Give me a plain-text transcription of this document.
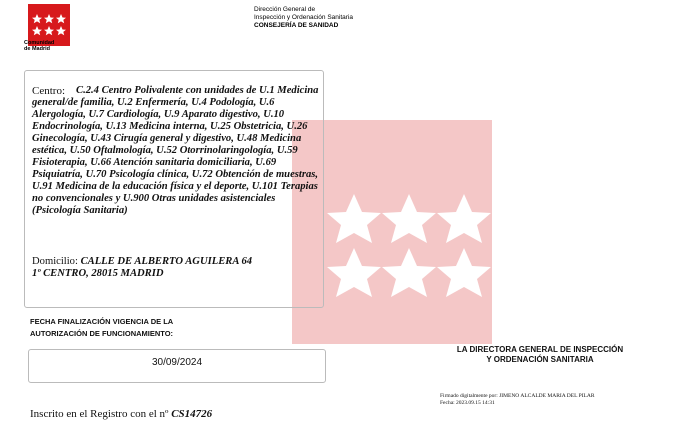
Comunidad
de Madrid
Dirección General de
Inspección y Ordenación Sanitaria
CONSEJERÍA DE SANIDAD
Centro:	C.2.4 Centro Polivalente con unidades de U.1 Medicina general/de familia, U.2 Enfermería, U.4 Podología, U.6 Alergología, U.7 Cardiología, U.9 Aparato digestivo, U.10 Endocrinología, U.13 Medicina interna, U.25 Obstetricia, U.26 Ginecología, U.43 Cirugía general y digestivo, U.48 Medicina estética, U.50 Oftalmología, U.52 Otorrinolaringología, U.59 Fisioterapia, U.66 Atención sanitaria domiciliaria, U.69 Psiquiatría, U.70 Psicología clínica, U.72 Obtención de muestras, U.91 Medicina de la educación física y el deporte, U.101 Terapias no convencionales y U.900 Otras unidades asistenciales (Psicología Sanitaria)
Domicilio: CALLE DE ALBERTO AGUILERA 64
1º CENTRO, 28015 MADRID
FECHA FINALIZACIÓN VIGENCIA DE LA
AUTORIZACIÓN DE FUNCIONAMIENTO:
30/09/2024
Inscrito en el Registro con el nº CS14726

LA DIRECTORA GENERAL DE INSPECCIÓN
Y ORDENACIÓN SANITARIA
Firmado digitalmente por: JIMENO ALCALDE MARIA DEL PILAR
Fecha: 2023.09.15 14:31
